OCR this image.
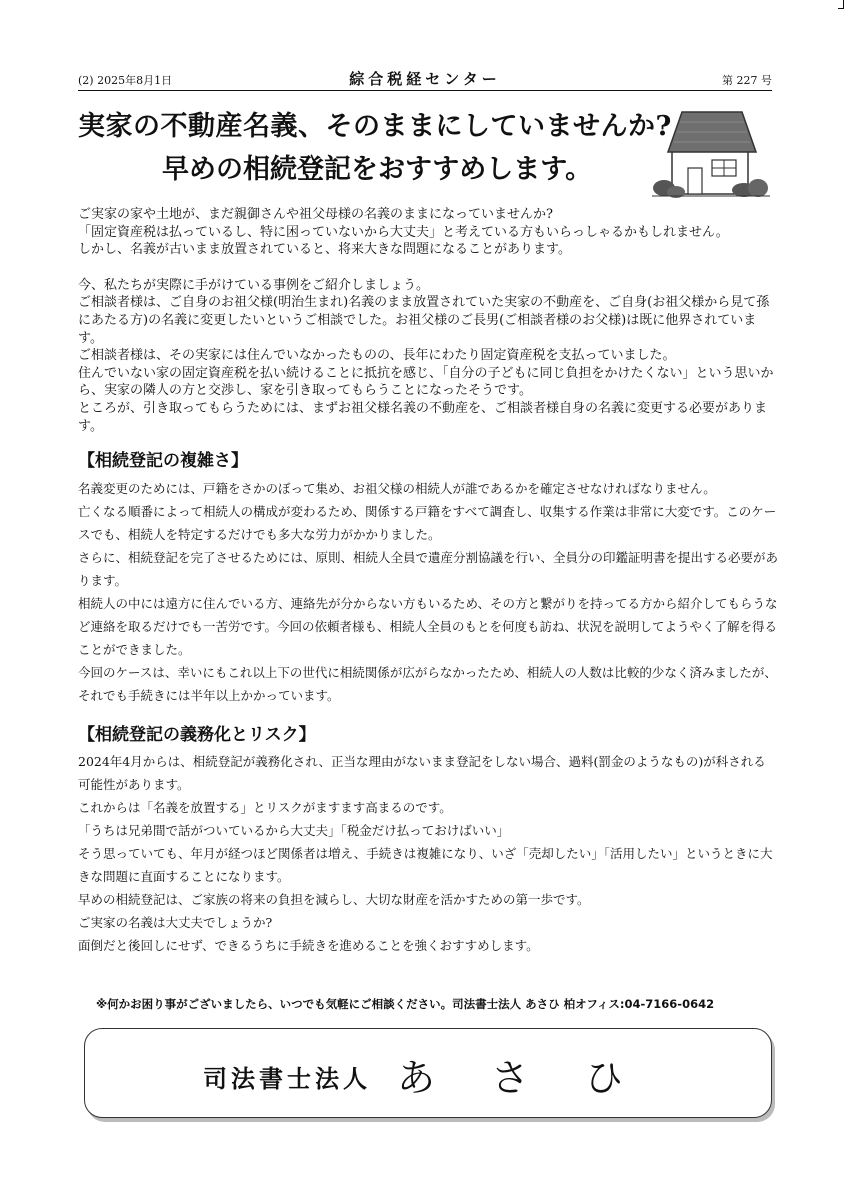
(2) 2025年8月1日	綜合税経センター	第 227 号
実家の不動産名義、そのままにしていませんか?
早めの相続登記をおすすめします。

ご実家の家や土地が、まだ親御さんや祖父母様の名義のままになっていませんか?

「固定資産税は払っているし、特に困っていないから大丈夫」と考えている方もいらっしゃるかもしれません。

しかし、名義が古いまま放置されていると、将来大きな問題になることがあります。

今、私たちが実際に手がけている事例をご紹介しましょう。

ご相談者様は、ご自身のお祖父様(明治生まれ)名義のまま放置されていた実家の不動産を、ご自身(お祖父様から見て孫にあたる方)の名義に変更したいというご相談でした。お祖父様のご長男(ご相談者様のお父様)は既に他界されています。

ご相談者様は、その実家には住んでいなかったものの、長年にわたり固定資産税を支払っていました。

住んでいない家の固定資産税を払い続けることに抵抗を感じ、「自分の子どもに同じ負担をかけたくない」という思いから、実家の隣人の方と交渉し、家を引き取ってもらうことになったそうです。

ところが、引き取ってもらうためには、まずお祖父様名義の不動産を、ご相談者様自身の名義に変更する必要があります。

【相続登記の複雑さ】

名義変更のためには、戸籍をさかのぼって集め、お祖父様の相続人が誰であるかを確定させなければなりません。

亡くなる順番によって相続人の構成が変わるため、関係する戸籍をすべて調査し、収集する作業は非常に大変です。このケースでも、相続人を特定するだけでも多大な労力がかかりました。

さらに、相続登記を完了させるためには、原則、相続人全員で遺産分割協議を行い、全員分の印鑑証明書を提出する必要があります。

相続人の中には遠方に住んでいる方、連絡先が分からない方もいるため、その方と繋がりを持ってる方から紹介してもらうなど連絡を取るだけでも一苦労です。今回の依頼者様も、相続人全員のもとを何度も訪ね、状況を説明してようやく了解を得ることができました。

今回のケースは、幸いにもこれ以上下の世代に相続関係が広がらなかったため、相続人の人数は比較的少なく済みましたが、それでも手続きには半年以上かかっています。

【相続登記の義務化とリスク】

2024年4月からは、相続登記が義務化され、正当な理由がないまま登記をしない場合、過料(罰金のようなもの)が科される可能性があります。

これからは「名義を放置する」とリスクがますます高まるのです。

「うちは兄弟間で話がついているから大丈夫」「税金だけ払っておけばいい」

そう思っていても、年月が経つほど関係者は増え、手続きは複雑になり、いざ「売却したい」「活用したい」というときに大きな問題に直面することになります。

早めの相続登記は、ご家族の将来の負担を減らし、大切な財産を活かすための第一歩です。

ご実家の名義は大丈夫でしょうか?

面倒だと後回しにせず、できるうちに手続きを進めることを強くおすすめします。

※何かお困り事がございましたら、いつでも気軽にご相談ください。司法書士法人 あさひ 柏オフィス:04-7166-0642
司法書士法人 あさひ
